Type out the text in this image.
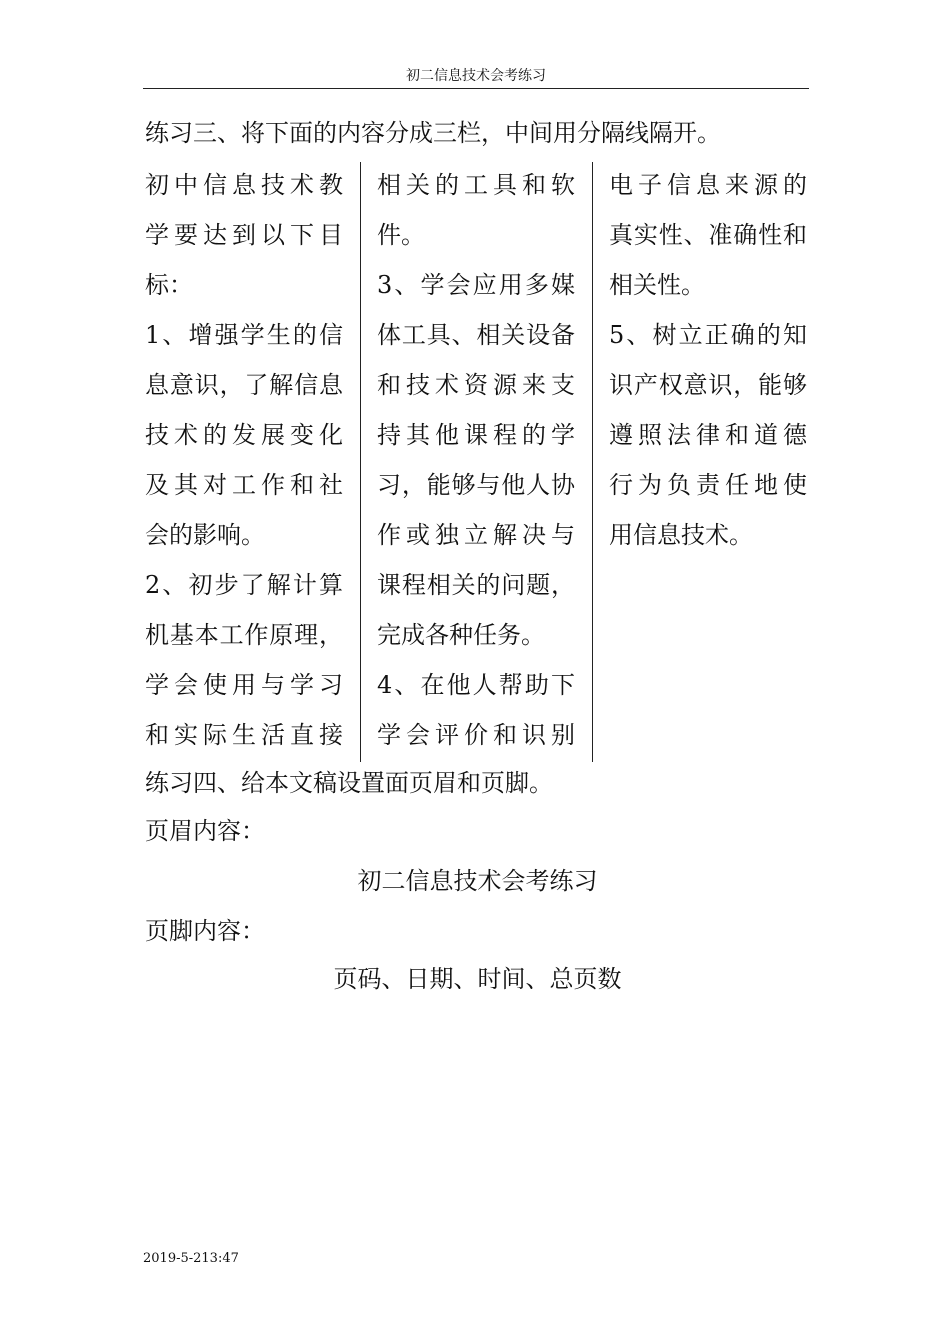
初二信息技术会考练习
练习三、将下面的内容分成三栏，中间用分隔线隔开。
初中信息技术教
学要达到以下目
标：
1、增强学生的信
息意识，了解信息
技术的发展变化
及其对工作和社
会的影响。
2、初步了解计算
机基本工作原理，
学会使用与学习
和实际生活直接
相关的工具和软
件。
3、学会应用多媒
体工具、相关设备
和技术资源来支
持其他课程的学
习，能够与他人协
作或独立解决与
课程相关的问题，
完成各种任务。
4、在他人帮助下
学会评价和识别
电子信息来源的
真实性、准确性和
相关性。
5、树立正确的知
识产权意识，能够
遵照法律和道德
行为负责任地使
用信息技术。
练习四、给本文稿设置面页眉和页脚。
页眉内容：
初二信息技术会考练习
页脚内容：
页码、日期、时间、总页数
2019-5-213:47
